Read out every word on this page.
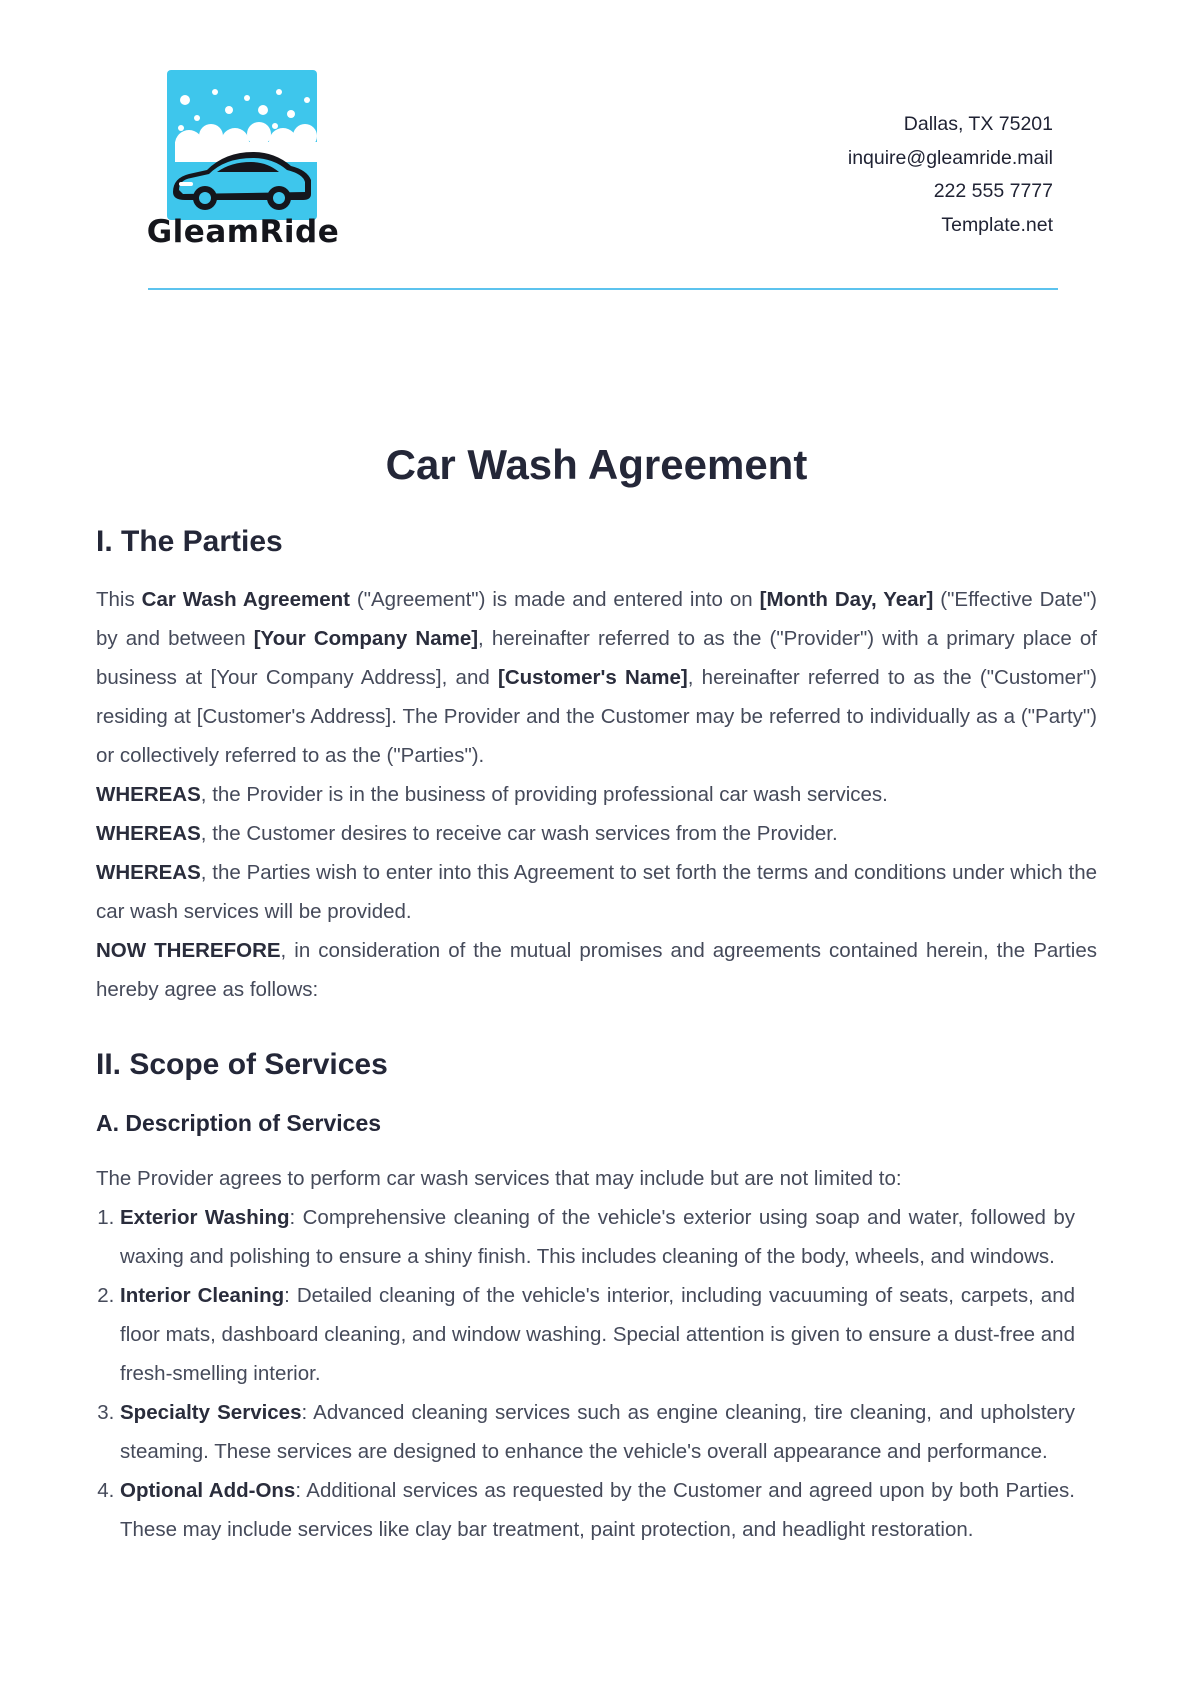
GleamRide
Dallas, TX 75201
inquire@gleamride.mail
222 555 7777
Template.net
Car Wash Agreement
I. The Parties

This Car Wash Agreement ("Agreement") is made and entered into on [Month Day, Year] ("Effective Date") by and between [Your Company Name], hereinafter referred to as the ("Provider") with a primary place of business at [Your Company Address], and [Customer's Name], hereinafter referred to as the ("Customer") residing at [Customer's Address]. The Provider and the Customer may be referred to individually as a ("Party") or collectively referred to as the ("Parties").

WHEREAS, the Provider is in the business of providing professional car wash services.

WHEREAS, the Customer desires to receive car wash services from the Provider.

WHEREAS, the Parties wish to enter into this Agreement to set forth the terms and conditions under which the car wash services will be provided.

NOW THEREFORE, in consideration of the mutual promises and agreements contained herein, the Parties hereby agree as follows:

II. Scope of Services
A. Description of Services

The Provider agrees to perform car wash services that may include but are not limited to:

1. Exterior Washing: Comprehensive cleaning of the vehicle's exterior using soap and water, followed by waxing and polishing to ensure a shiny finish. This includes cleaning of the body, wheels, and windows.
2. Interior Cleaning: Detailed cleaning of the vehicle's interior, including vacuuming of seats, carpets, and floor mats, dashboard cleaning, and window washing. Special attention is given to ensure a dust-free and fresh-smelling interior.
3. Specialty Services: Advanced cleaning services such as engine cleaning, tire cleaning, and upholstery steaming. These services are designed to enhance the vehicle's overall appearance and performance.
4. Optional Add-Ons: Additional services as requested by the Customer and agreed upon by both Parties. These may include services like clay bar treatment, paint protection, and headlight restoration.
